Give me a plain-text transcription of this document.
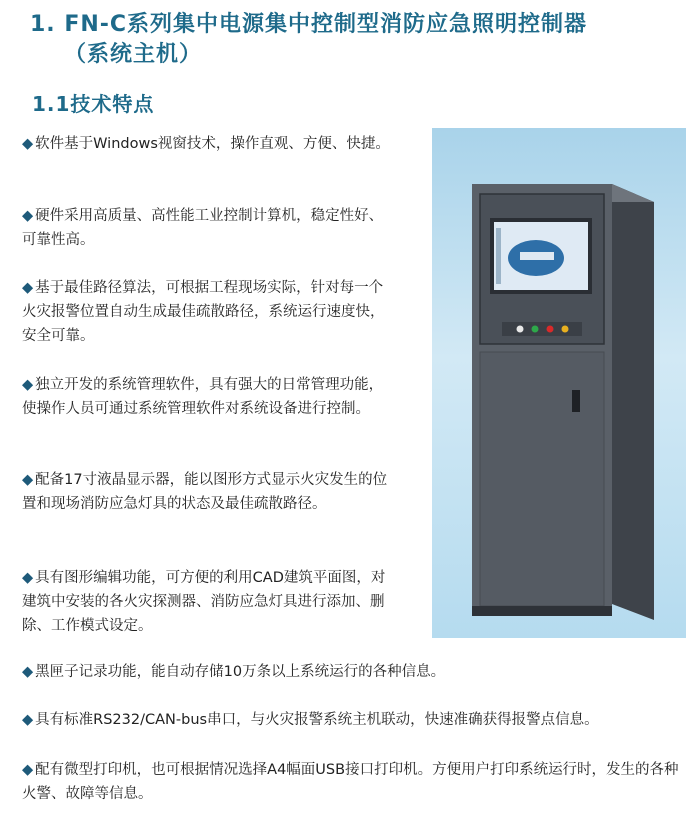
1. FN-C系列集中电源集中控制型消防应急照明控制器
（系统主机）
1.1技术特点
◆ 软件基于Windows视窗技术，操作直观、方便、快捷。
◆ 硬件采用高质量、高性能工业控制计算机，稳定性好、可靠性高。
◆ 基于最佳路径算法，可根据工程现场实际，针对每一个火灾报警位置自动生成最佳疏散路径，系统运行速度快，安全可靠。
◆ 独立开发的系统管理软件，具有强大的日常管理功能，使操作人员可通过系统管理软件对系统设备进行控制。
◆ 配备17寸液晶显示器，能以图形方式显示火灾发生的位置和现场消防应急灯具的状态及最佳疏散路径。
◆ 具有图形编辑功能，可方便的利用CAD建筑平面图，对建筑中安装的各火灾探测器、消防应急灯具进行添加、删除、工作模式设定。
◆ 黑匣子记录功能，能自动存储10万条以上系统运行的各种信息。
◆ 具有标准RS232/CAN-bus串口，与火灾报警系统主机联动，快速准确获得报警点信息。
◆ 配有微型打印机，也可根据情况选择A4幅面USB接口打印机。方便用户打印系统运行时，发生的各种火警、故障等信息。
